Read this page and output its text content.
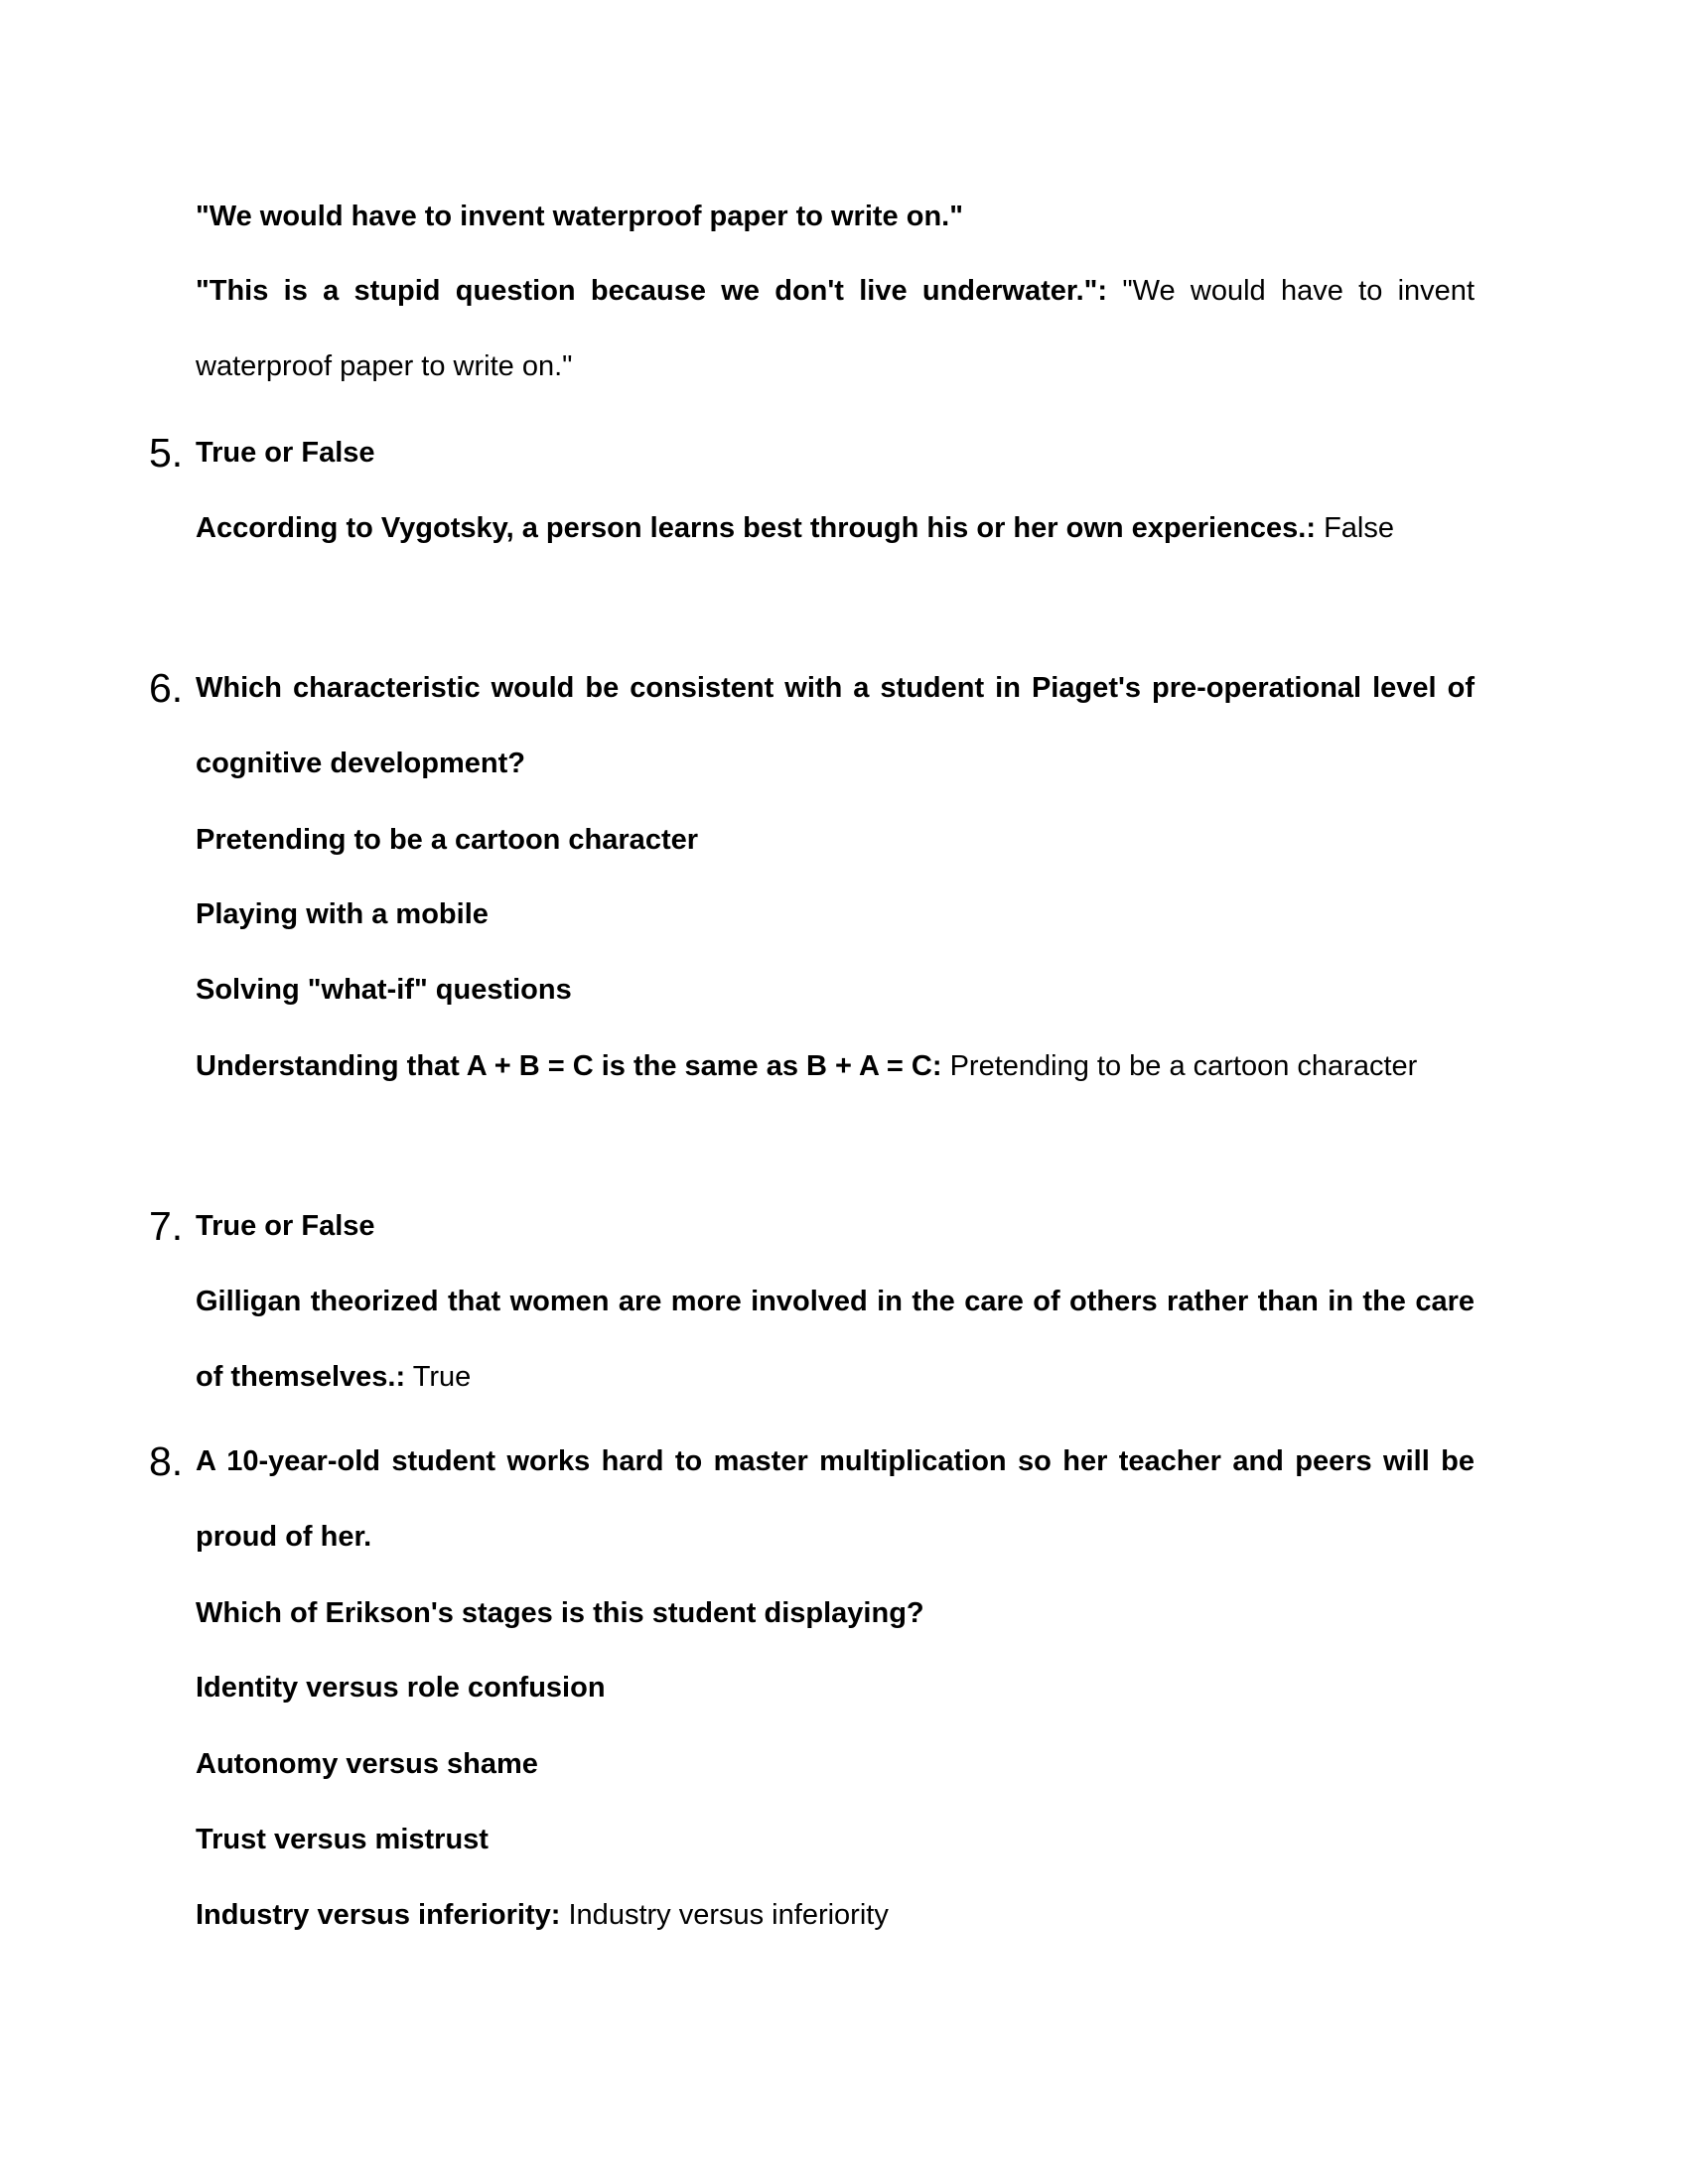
"We would have to invent waterproof paper to write on."
"This is a stupid question because we don't live underwater.": "We would have to invent waterproof paper to write on."
5. True or False
According to Vygotsky, a person learns best through his or her own experiences.: False
6. Which characteristic would be consistent with a student in Piaget's pre-operational level of cognitive development?
Pretending to be a cartoon character
Playing with a mobile
Solving "what-if" questions
Understanding that A + B = C is the same as B + A = C: Pretending to be a cartoon character
7. True or False
Gilligan theorized that women are more involved in the care of others rather than in the care of themselves.: True
8. A 10-year-old student works hard to master multiplication so her teacher and peers will be proud of her.
Which of Erikson's stages is this student displaying?
Identity versus role confusion
Autonomy versus shame
Trust versus mistrust
Industry versus inferiority: Industry versus inferiority
